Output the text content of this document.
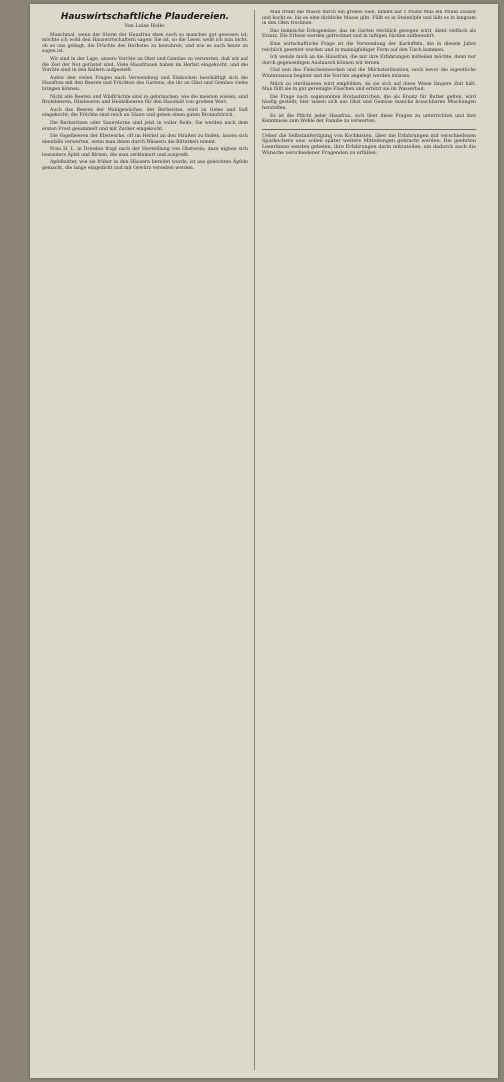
Hauswirtschaftliche Plaudereien.
Von Luise Holle.

Manchmal, wenn der Sturm der Hausfrau eben noch so manches gut gewesen ist, möchte ich wohl den Hauswirtschaftern sagen: Sie ist, so die Leser, weiß ich nun nicht, ob es uns gelingt, die Früchte des Herbstes zu bewahren, und wie es auch heute zu sagen ist.

Wir sind in der Lage, unsere Vorräte an Obst und Gemüse zu verwerten, daß wir auf die Zeit der Not gerüstet sind. Viele Hausfrauen haben im Herbst eingekocht, und die Vorräte sind in den Kellern aufgestellt.

Außer den vielen Fragen nach Verwendung und Einkochen beschäftigt sich die Hausfrau mit den Beeren und Früchten des Gartens, die ihr an Obst und Gemüse vieles bringen können.

Nicht alle Beeren und Wildfrüchte sind zu gebrauchen; wie die meisten wissen, sind Brombeeren, Himbeeren und Heidelbeeren für den Haushalt von großem Wert.

Auch das Beeren der Waldgewächse, der Berberitze, wird zu Gelee und Saft eingekocht; die Früchte sind reich an Säure und geben einen guten Brotaufstrich.

Die Berberitzen oder Sauerdorne sind jetzt in voller Reife. Sie werden nach dem ersten Frost gesammelt und mit Zucker eingekocht.

Die Vogelbeeren der Eberesche, oft im Herbst an den Straßen zu finden, lassen sich ebenfalls verwerten, wenn man ihnen durch Wässern die Bitterkeit nimmt.

Frau H. L. in Dresden fragt nach der Herstellung von Obstwein; dazu eignen sich besonders Äpfel und Birnen, die man zerkleinert und auspreßt.

Apfelbutter, wie sie früher in den Häusern bereitet wurde, ist aus gekochten Äpfeln gemacht, die lange eingedickt und mit Gewürz versehen werden.

Man treibt die Masse durch ein grobes Sieb, nimmt auf 1 Pfund Mus ein Pfund Zucker und kocht es, bis es eine dickliche Masse gibt. Füllt es in Steintöpfe und läßt es in langsam in den Ofen trocknen.

Das heimische Erbsgemüse, das im Garten reichlich gezogen wird, dient vielfach als Ersatz. Die Erbsen werden getrocknet und in luftigen Säcken aufbewahrt.

Eine wirtschaftliche Frage ist die Verwendung der Kartoffeln, die in diesem Jahre reichlich geerntet wurden und in mannigfaltiger Form auf den Tisch kommen.

Ich wende mich an die Hausfrau, die mir ihre Erfahrungen mitteilen möchte, denn nur durch gegenseitigen Austausch können wir lernen.

Und nun das Fleischeinwecken und die Milchsterilisation, noch bevor die eigentliche Wintersaison beginnt und die Vorräte angelegt werden müssen.

Milch zu sterilisieren wird empfohlen, da sie sich auf diese Weise längere Zeit hält. Man füllt sie in gut gereinigte Flaschen und erhitzt sie im Wasserbad.

Die Frage nach sogenannten Brotaufstrichen, die als Ersatz für Butter gelten, wird häufig gestellt; hier lassen sich aus Obst und Gemüse manche brauchbaren Mischungen herstellen.

Es ist die Pflicht jeder Hausfrau, sich über diese Fragen zu unterrichten und ihre Kenntnisse zum Wohle der Familie zu verwerten.

Ueber die Selbstanfertigung von Kochkisten, über die Erfahrungen mit verschiedenen Sparkochern usw. sollen später weitere Mitteilungen gebracht werden. Die geehrten Leserinnen werden gebeten, ihre Erfahrungen darin mitzuteilen, um dadurch auch die Wünsche verschiedener Fragenden zu erfüllen.
